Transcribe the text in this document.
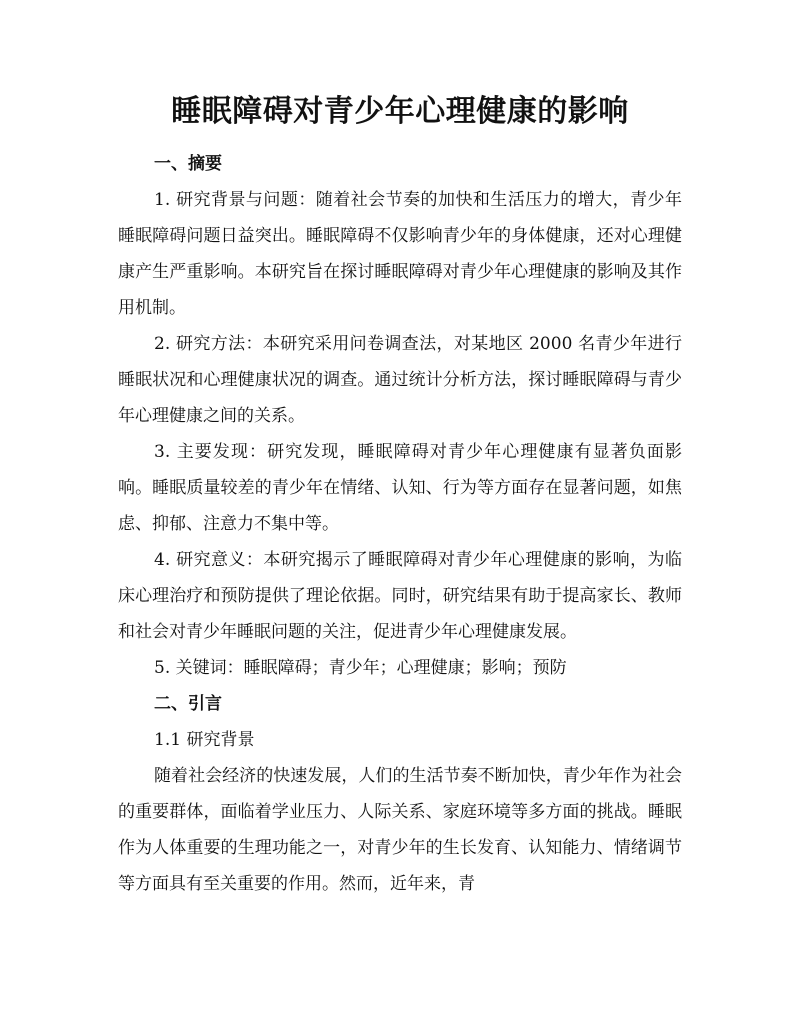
睡眠障碍对青少年心理健康的影响

一、摘要

1. 研究背景与问题：随着社会节奏的加快和生活压力的增大，青少年睡眠障碍问题日益突出。睡眠障碍不仅影响青少年的身体健康，还对心理健康产生严重影响。本研究旨在探讨睡眠障碍对青少年心理健康的影响及其作用机制。

2. 研究方法：本研究采用问卷调查法，对某地区 2000 名青少年进行睡眠状况和心理健康状况的调查。通过统计分析方法，探讨睡眠障碍与青少年心理健康之间的关系。

3. 主要发现：研究发现，睡眠障碍对青少年心理健康有显著负面影响。睡眠质量较差的青少年在情绪、认知、行为等方面存在显著问题，如焦虑、抑郁、注意力不集中等。

4. 研究意义：本研究揭示了睡眠障碍对青少年心理健康的影响，为临床心理治疗和预防提供了理论依据。同时，研究结果有助于提高家长、教师和社会对青少年睡眠问题的关注，促进青少年心理健康发展。

5. 关键词：睡眠障碍；青少年；心理健康；影响；预防

二、引言

1.1 研究背景

随着社会经济的快速发展，人们的生活节奏不断加快，青少年作为社会的重要群体，面临着学业压力、人际关系、家庭环境等多方面的挑战。睡眠作为人体重要的生理功能之一，对青少年的生长发育、认知能力、情绪调节等方面具有至关重要的作用。然而，近年来，青
